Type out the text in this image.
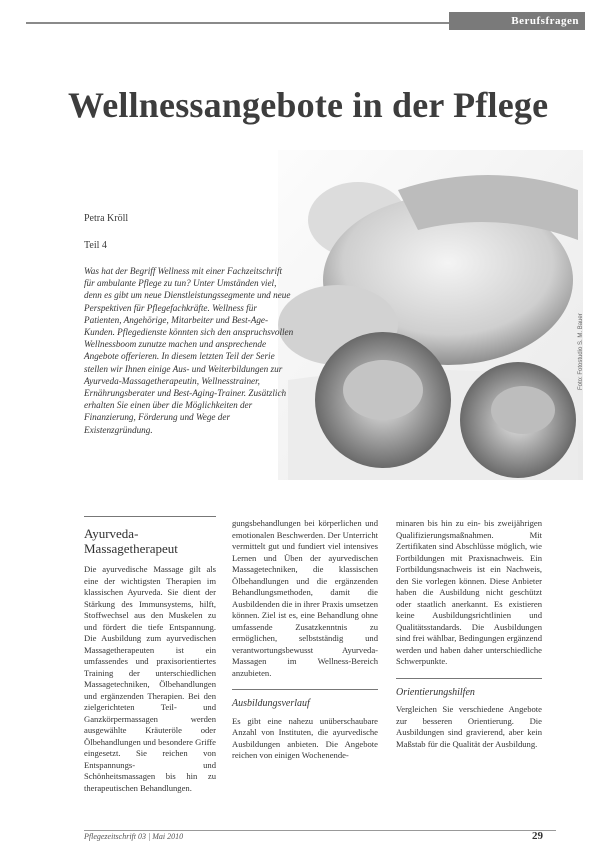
Berufsfragen
Wellnessangebote in der Pflege
Foto: Fotostudio S. M. Bauer
Petra Kröll
Teil 4
Was hat der Begriff Wellness mit einer Fachzeitschrift für ambulante Pflege zu tun? Unter Umständen viel, denn es gibt um neue Dienstleistungssegmente und neue Perspektiven für Pflegefachkräfte. Wellness für Patienten, Angehörige, Mitarbeiter und Best-Age-Kunden. Pflegedienste könnten sich den anspruchsvollen Wellnessboom zunutze machen und ansprechende Angebote offerieren. In diesem letzten Teil der Serie stellen wir Ihnen einige Aus- und Weiterbildungen zur Ayurveda-Massagetherapeutin, Wellnesstrainer, Ernährungsberater und Best-Aging-Trainer. Zusätzlich erhalten Sie einen über die Möglichkeiten der Finanzierung, Förderung und Wege der Existenzgründung.
Ayurveda-Massagetherapeut

Die ayurvedische Massage gilt als eine der wichtigsten Therapien im klassischen Ayurveda. Sie dient der Stärkung des Immunsystems, hilft, Stoffwechsel aus den Muskelen zu und fördert die tiefe Entspannung. Die Ausbildung zum ayurvedischen Massagetherapeuten ist ein umfassendes und praxisorientiertes Training der unterschiedlichen Massagetechniken, Ölbehandlungen und ergänzenden Therapien. Bei den zielgerichteten Teil- und Ganzkörpermassagen werden ausgewählte Kräuteröle oder Ölbehandlungen und besondere Griffe eingesetzt. Sie reichen von Entspannungs- und Schönheitsmassagen bis hin zu therapeutischen Behandlungen.

gungsbehandlungen bei körperlichen und emotionalen Beschwerden. Der Unterricht vermittelt gut und fundiert viel intensives Lernen und Üben der ayurvedischen Massagetechniken, die klassischen Ölbehandlungen und die ergänzenden Behandlungsmethoden, damit die Ausbildenden die in ihrer Praxis umsetzen können. Ziel ist es, eine Behandlung ohne umfassende Zusatzkenntnis zu ermöglichen, selbstständig und verantwortungsbewusst Ayurveda-Massagen im Wellness-Bereich anzubieten.

Ausbildungsverlauf

Es gibt eine nahezu unüberschaubare Anzahl von Instituten, die ayurvedische Ausbildungen anbieten. Die Angebote reichen von einigen Wochenende-

minaren bis hin zu ein- bis zweijährigen Qualifizierungsmaßnahmen. Mit Zertifikaten sind Abschlüsse möglich, wie Fortbildungen mit Praxisnachweis. Ein Fortbildungsnachweis ist ein Nachweis, den Sie vorlegen können. Diese Anbieter haben die Ausbildung nicht geschützt oder staatlich anerkannt. Es existieren keine Ausbildungsrichtlinien und Qualitätsstandards. Die Ausbildungen sind frei wählbar, Bedingungen ergänzend werden und haben daher unterschiedliche Schwerpunkte.

Orientierungshilfen

Vergleichen Sie verschiedene Angebote zur besseren Orientierung. Die Ausbildungen sind gravierend, aber kein Maßstab für die Qualität der Ausbildung.

Pflegezeitschrift 03 | Mai 2010	29
